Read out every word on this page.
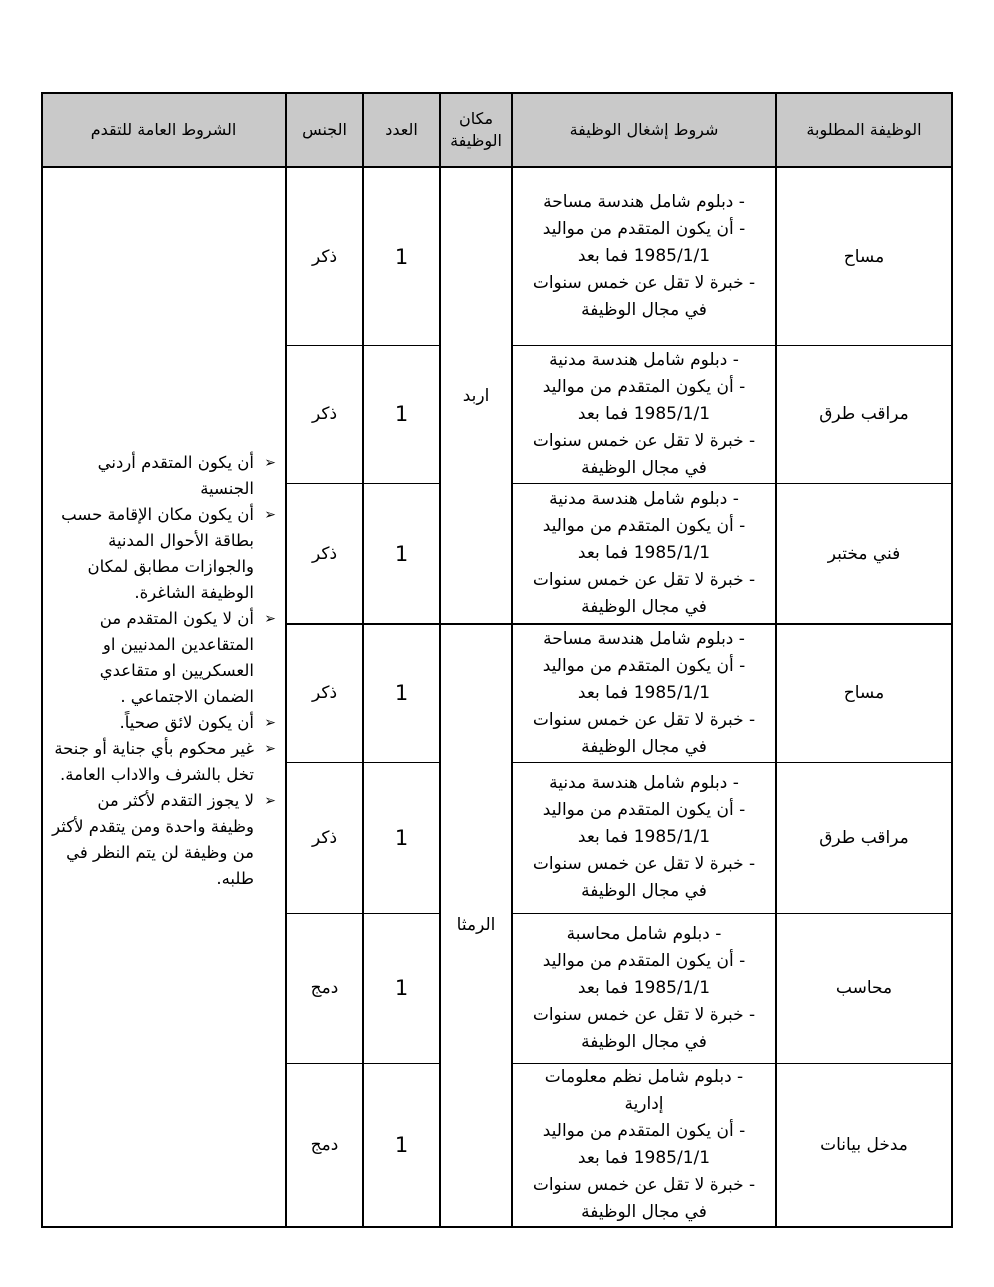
الوظيفة المطلوبة
شروط إشغال الوظيفة
مكان الوظيفة
العدد
الجنس
الشروط العامة للتقدم
مساح
- دبلوم شامل هندسة مساحة
- أن يكون المتقدم من مواليد
1985/1/1 فما بعد
- خبرة لا تقل عن خمس سنوات
في مجال الوظيفة
1
ذكر
مراقب طرق
- دبلوم شامل هندسة مدنية
- أن يكون المتقدم من مواليد
1985/1/1 فما بعد
- خبرة لا تقل عن خمس سنوات
في مجال الوظيفة
1
ذكر
فني مختبر
- دبلوم شامل هندسة مدنية
- أن يكون المتقدم من مواليد
1985/1/1 فما بعد
- خبرة لا تقل عن خمس سنوات
في مجال الوظيفة
1
ذكر
مساح
- دبلوم شامل هندسة مساحة
- أن يكون المتقدم من مواليد
1985/1/1 فما بعد
- خبرة لا تقل عن خمس سنوات
في مجال الوظيفة
1
ذكر
مراقب طرق
- دبلوم شامل هندسة مدنية
- أن يكون المتقدم من مواليد
1985/1/1 فما بعد
- خبرة لا تقل عن خمس سنوات
في مجال الوظيفة
1
ذكر
محاسب
- دبلوم شامل محاسبة
- أن يكون المتقدم من مواليد
1985/1/1 فما بعد
- خبرة لا تقل عن خمس سنوات
في مجال الوظيفة
1
دمج
مدخل بيانات
- دبلوم شامل نظم معلومات
إدارية
- أن يكون المتقدم من مواليد
1985/1/1 فما بعد
- خبرة لا تقل عن خمس سنوات
في مجال الوظيفة
1
دمج
اربد
الرمثا
➢
أن يكون المتقدم أردني الجنسية
➢
أن يكون مكان الإقامة حسب بطاقة الأحوال المدنية والجوازات مطابق لمكان الوظيفة الشاغرة.
➢
أن لا يكون المتقدم من المتقاعدين المدنيين او العسكريين او متقاعدي الضمان الاجتماعي .
➢
أن يكون لائق صحياً.
➢
غير محكوم بأي جناية أو جنحة تخل بالشرف والاداب العامة.
➢
لا يجوز التقدم لأكثر من وظيفة واحدة ومن يتقدم لأكثر من وظيفة لن يتم النظر في طلبه.
